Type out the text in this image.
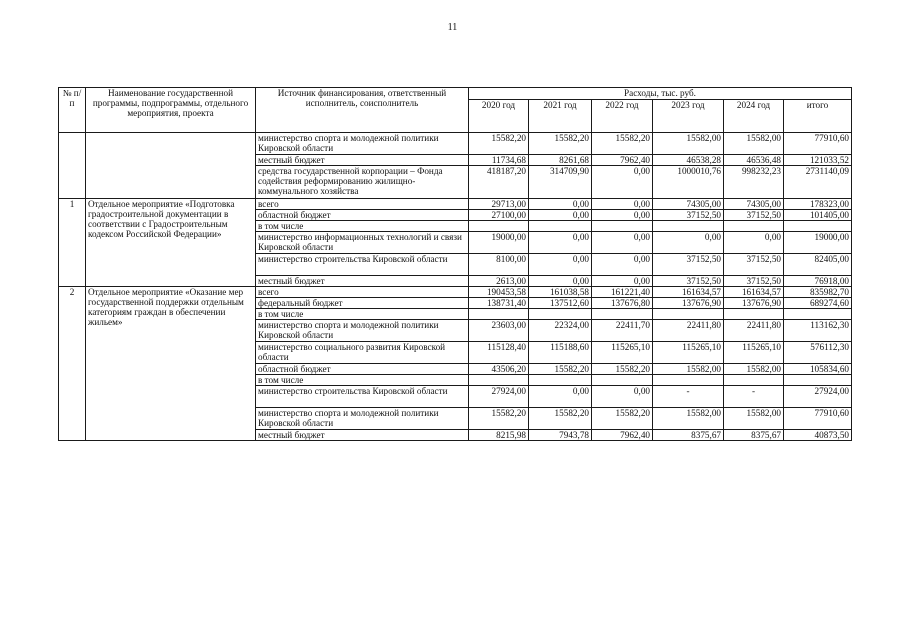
11
№ п/п	Наименование государственной программы, подпрограммы, отдельного мероприятия, проекта	Источник финансирования, ответственный исполнитель, соисполнитель	Расходы, тыс. руб.					
			2020 год	2021 год	2022 год	2023 год	2024 год	итого
		министерство спорта и молодежной политики Кировской области	15582,20	15582,20	15582,20	15582,00	15582,00	77910,60
		местный бюджет	11734,68	8261,68	7962,40	46538,28	46536,48	121033,52
		средства государственной корпорации – Фонда содействия реформированию жилищно-коммунального хозяйства	418187,20	314709,90	0,00	1000010,76	998232,23	2731140,09
1	Отдельное мероприятие «Подготовка градостроительной документации в соответствии с Градостроительным кодексом Российской Федерации»	всего	29713,00	0,00	0,00	74305,00	74305,00	178323,00
		областной бюджет	27100,00	0,00	0,00	37152,50	37152,50	101405,00
		в том числе						
		министерство информационных технологий и связи Кировской области	19000,00	0,00	0,00	0,00	0,00	19000,00
		министерство строительства Кировской области	8100,00	0,00	0,00	37152,50	37152,50	82405,00
		местный бюджет	2613,00	0,00	0,00	37152,50	37152,50	76918,00
2	Отдельное мероприятие «Оказание мер государственной поддержки отдельным категориям граждан в обеспечении жильем»	всего	190453,58	161038,58	161221,40	161634,57	161634,57	835982,70
		федеральный бюджет	138731,40	137512,60	137676,80	137676,90	137676,90	689274,60
		в том числе						
		министерство спорта и молодежной политики Кировской области	23603,00	22324,00	22411,70	22411,80	22411,80	113162,30
		министерство социального развития Кировской области	115128,40	115188,60	115265,10	115265,10	115265,10	576112,30
		областной бюджет	43506,20	15582,20	15582,20	15582,00	15582,00	105834,60
		в том числе						
		министерство строительства Кировской области	27924,00	0,00	0,00	-	-	27924,00
		министерство спорта и молодежной политики Кировской области	15582,20	15582,20	15582,20	15582,00	15582,00	77910,60
		местный бюджет	8215,98	7943,78	7962,40	8375,67	8375,67	40873,50
